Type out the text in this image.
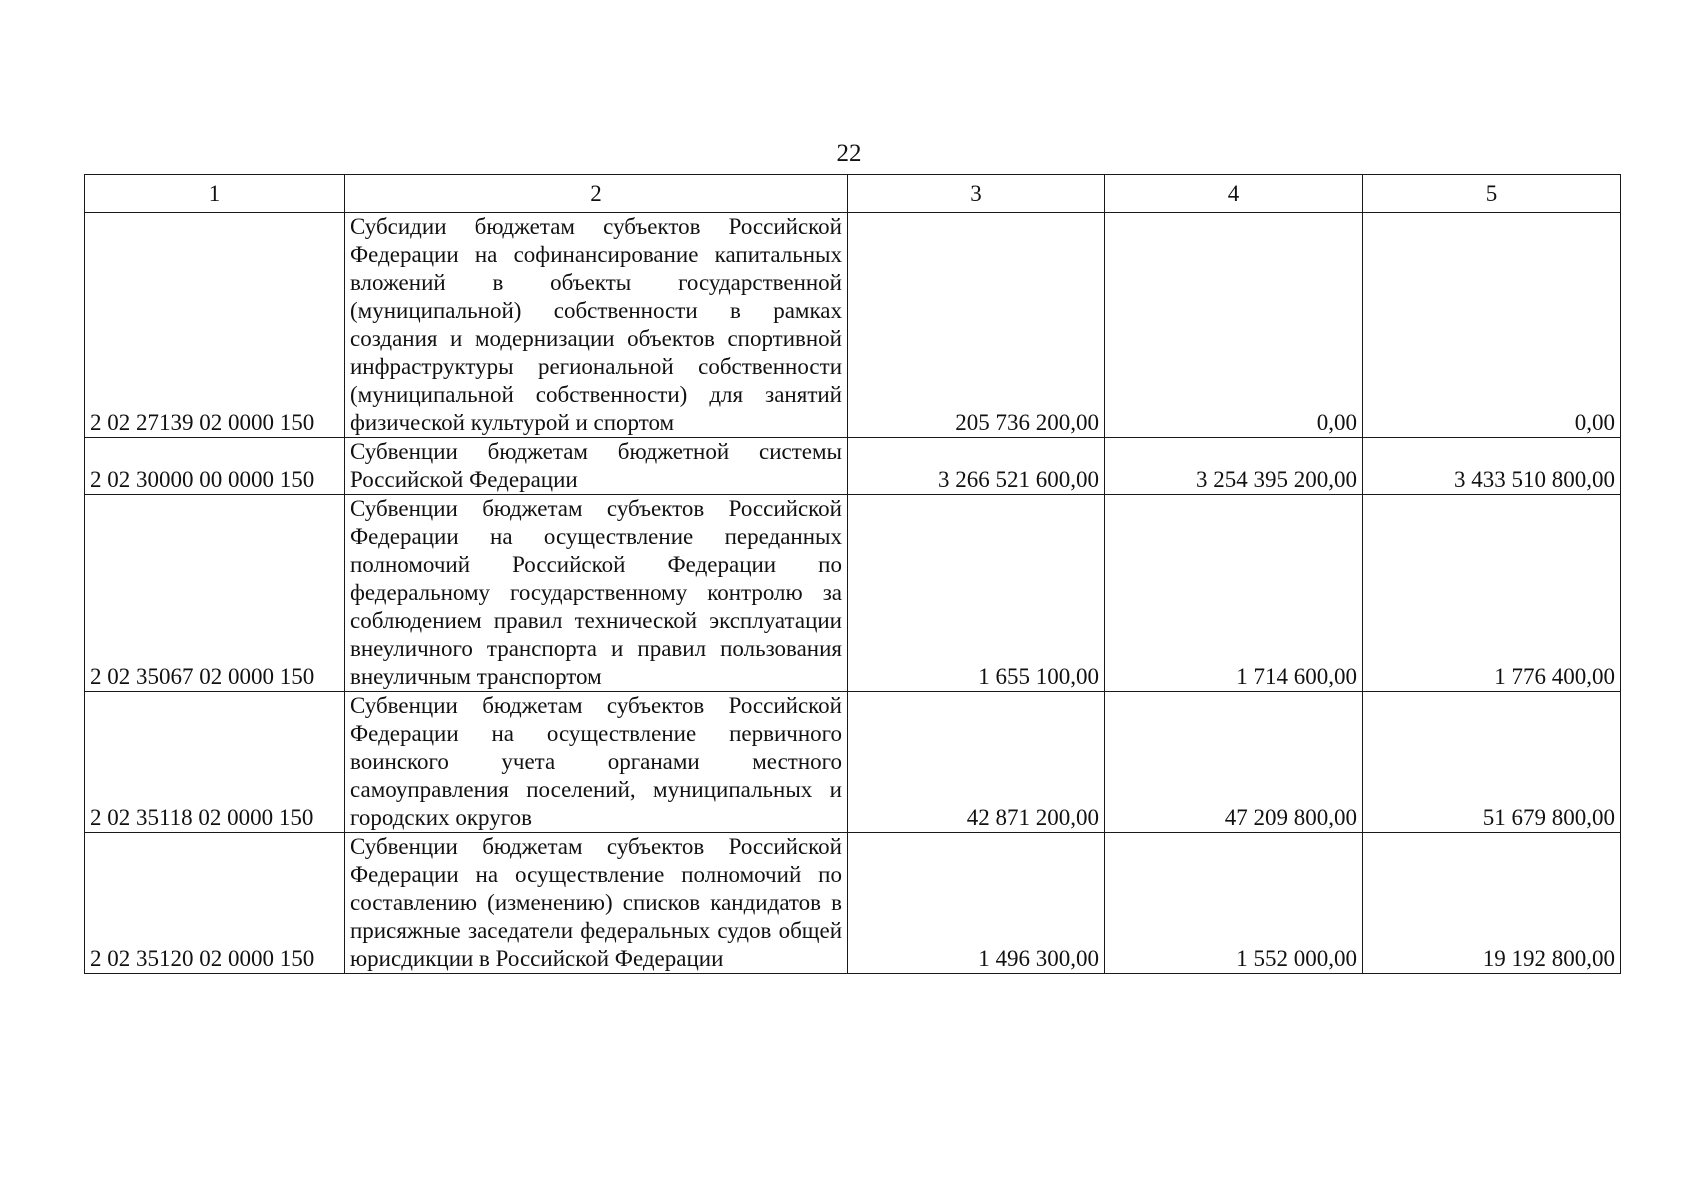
22
1	2	3	4	5
2 02 27139 02 0000 150	Субсидии бюджетам субъектов Российской Федерации на софинансирование капитальных вложений в объекты государственной (муниципальной) собственности в рамках создания и модернизации объектов спортивной инфраструктуры региональной собственности (муниципальной собственности) для занятий физической культурой и спортом	205 736 200,00	0,00	0,00
2 02 30000 00 0000 150	Субвенции бюджетам бюджетной системы Российской Федерации	3 266 521 600,00	3 254 395 200,00	3 433 510 800,00
2 02 35067 02 0000 150	Субвенции бюджетам субъектов Российской Федерации на осуществление переданных полномочий Российской Федерации по федеральному государственному контролю за соблюдением правил технической эксплуатации внеуличного транспорта и правил пользования внеуличным транспортом	1 655 100,00	1 714 600,00	1 776 400,00
2 02 35118 02 0000 150	Субвенции бюджетам субъектов Российской Федерации на осуществление первичного воинского учета органами местного самоуправления поселений, муниципальных и городских округов	42 871 200,00	47 209 800,00	51 679 800,00
2 02 35120 02 0000 150	Субвенции бюджетам субъектов Российской Федерации на осуществление полномочий по составлению (изменению) списков кандидатов в присяжные заседатели федеральных судов общей юрисдикции в Российской Федерации	1 496 300,00	1 552 000,00	19 192 800,00
